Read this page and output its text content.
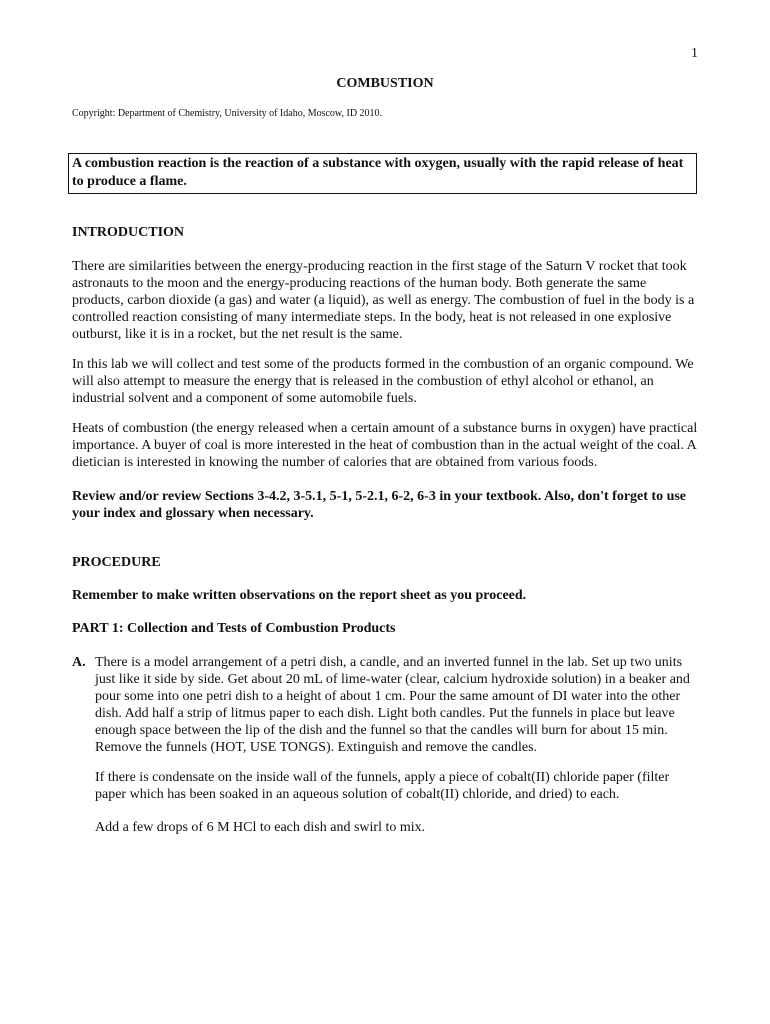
1
COMBUSTION
Copyright: Department of Chemistry, University of Idaho, Moscow, ID 2010.
A combustion reaction is the reaction of a substance with oxygen, usually with the rapid release of heat to produce a flame.
INTRODUCTION
There are similarities between the energy-producing reaction in the first stage of the Saturn V rocket that took astronauts to the moon and the energy-producing reactions of the human body. Both generate the same products, carbon dioxide (a gas) and water (a liquid), as well as energy. The combustion of fuel in the body is a controlled reaction consisting of many intermediate steps. In the body, heat is not released in one explosive outburst, like it is in a rocket, but the net result is the same.
In this lab we will collect and test some of the products formed in the combustion of an organic compound. We will also attempt to measure the energy that is released in the combustion of ethyl alcohol or ethanol, an industrial solvent and a component of some automobile fuels.
Heats of combustion (the energy released when a certain amount of a substance burns in oxygen) have practical importance. A buyer of coal is more interested in the heat of combustion than in the actual weight of the coal. A dietician is interested in knowing the number of calories that are obtained from various foods.
Review and/or review Sections 3-4.2, 3-5.1, 5-1, 5-2.1, 6-2, 6-3 in your textbook. Also, don't forget to use your index and glossary when necessary.
PROCEDURE
Remember to make written observations on the report sheet as you proceed.
PART 1: Collection and Tests of Combustion Products
A. There is a model arrangement of a petri dish, a candle, and an inverted funnel in the lab. Set up two units just like it side by side. Get about 20 mL of lime-water (clear, calcium hydroxide solution) in a beaker and pour some into one petri dish to a height of about 1 cm. Pour the same amount of DI water into the other dish. Add half a strip of litmus paper to each dish. Light both candles. Put the funnels in place but leave enough space between the lip of the dish and the funnel so that the candles will burn for about 15 min. Remove the funnels (HOT, USE TONGS). Extinguish and remove the candles.
If there is condensate on the inside wall of the funnels, apply a piece of cobalt(II) chloride paper (filter paper which has been soaked in an aqueous solution of cobalt(II) chloride, and dried) to each.
Add a few drops of 6 M HCl to each dish and swirl to mix.
